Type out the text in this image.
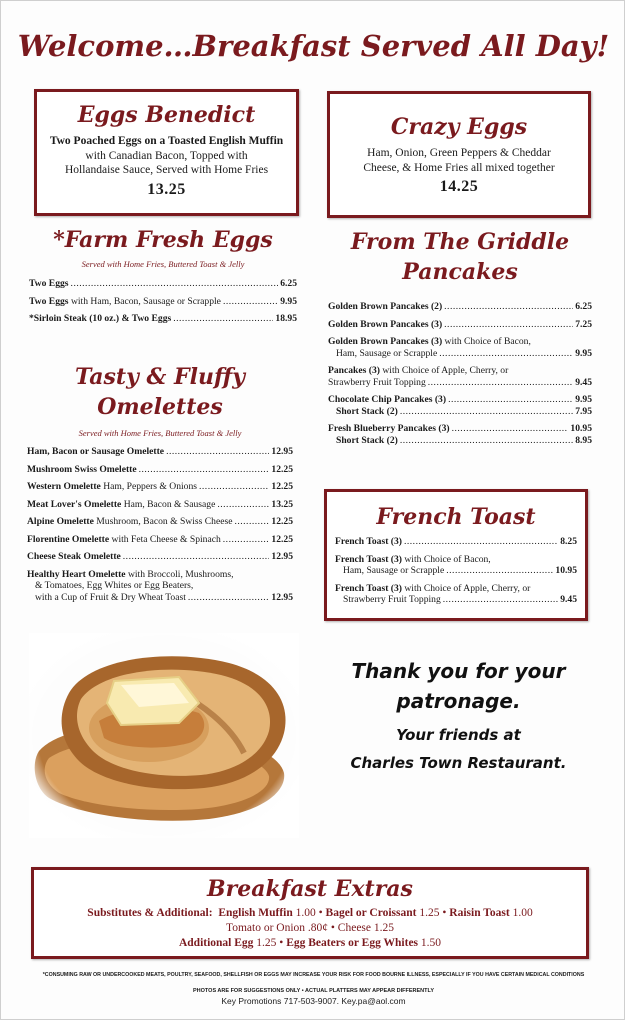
Welcome…Breakfast Served All Day!
Eggs Benedict
Two Poached Eggs on a Toasted English Muffin
with Canadian Bacon, Topped with
Hollandaise Sauce, Served with Home Fries
13.25
Crazy Eggs
Ham, Onion, Green Peppers & Cheddar
Cheese, & Home Fries all mixed together
14.25
*Farm Fresh Eggs
Served with Home Fries, Buttered Toast & Jelly
Two Eggs .....	6.25
Two Eggs with Ham, Bacon, Sausage or Scrapple .....	9.95
*Sirloin Steak (10 oz.) & Two Eggs .....	18.95
Tasty & Fluffy
Omelettes
Served with Home Fries, Buttered Toast & Jelly
Ham, Bacon or Sausage Omelette .....	12.95
Mushroom Swiss Omelette .....	12.25
Western Omelette Ham, Peppers & Onions .....	12.25
Meat Lover's Omelette Ham, Bacon & Sausage .....	13.25
Alpine Omelette Mushroom, Bacon & Swiss Cheese .....	12.25
Florentine Omelette with Feta Cheese & Spinach .....	12.25
Cheese Steak Omelette .....	12.95
Healthy Heart Omelette with Broccoli, Mushrooms,
& Tomatoes, Egg Whites or Egg Beaters,
with a Cup of Fruit & Dry Wheat Toast .....	12.95
From The Griddle
Pancakes
Golden Brown Pancakes (2) .....	6.25
Golden Brown Pancakes (3) .....	7.25
Golden Brown Pancakes (3) with Choice of Bacon,
Ham, Sausage or Scrapple .....	9.95
Pancakes (3) with Choice of Apple, Cherry, or
Strawberry Fruit Topping .....	9.45
Chocolate Chip Pancakes (3) .....	9.95
Short Stack (2) .....	7.95
Fresh Blueberry Pancakes (3) .....	10.95
Short Stack (2) .....	8.95
French Toast
French Toast (3) .....	8.25
French Toast (3) with Choice of Bacon,
Ham, Sausage or Scrapple .....	10.95
French Toast (3) with Choice of Apple, Cherry, or
Strawberry Fruit Topping .....	9.45
Thank you for your
patronage.
Your friends at
Charles Town Restaurant.
Breakfast Extras
Substitutes & Additional: English Muffin 1.00 • Bagel or Croissant 1.25 • Raisin Toast 1.00
Tomato or Onion .80¢ • Cheese 1.25
Additional Egg 1.25 • Egg Beaters or Egg Whites 1.50
*CONSUMING RAW OR UNDERCOOKED MEATS, POULTRY, SEAFOOD, SHELLFISH OR EGGS MAY INCREASE YOUR RISK FOR FOOD BOURNE ILLNESS, ESPECIALLY IF YOU HAVE CERTAIN MEDICAL CONDITIONS
PHOTOS ARE FOR SUGGESTIONS ONLY • ACTUAL PLATTERS MAY APPEAR DIFFERENTLY
Key Promotions 717-503-9007. Key.pa@aol.com
